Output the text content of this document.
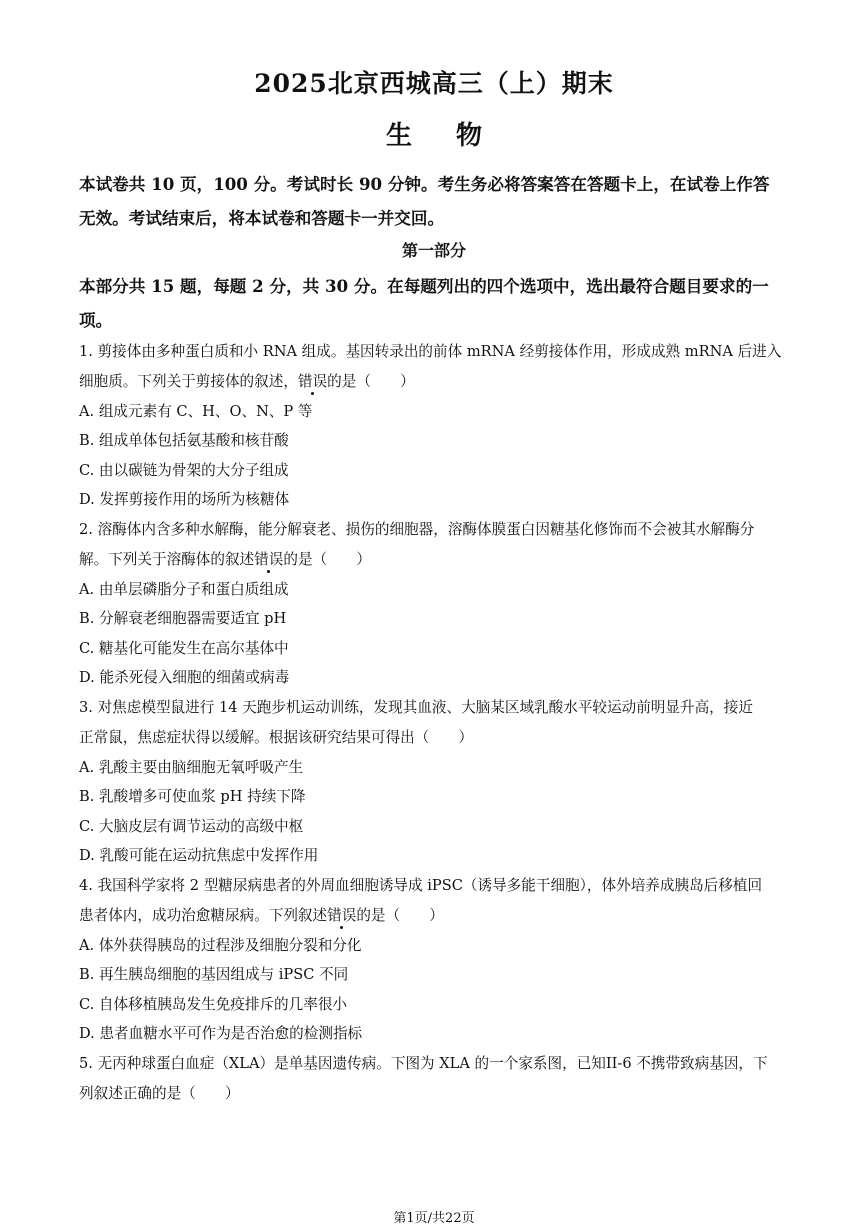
2025北京西城高三（上）期末
生物
本试卷共 10 页，100 分。考试时长 90 分钟。考生务必将答案答在答题卡上，在试卷上作答
无效。考试结束后，将本试卷和答题卡一并交回。
第一部分
本部分共 15 题，每题 2 分，共 30 分。在每题列出的四个选项中，选出最符合题目要求的一
项。
1. 剪接体由多种蛋白质和小 RNA 组成。基因转录出的前体 mRNA 经剪接体作用，形成成熟 mRNA 后进入
细胞质。下列关于剪接体的叙述，错误的是（　　）
A. 组成元素有 C、H、O、N、P 等
B. 组成单体包括氨基酸和核苷酸
C. 由以碳链为骨架的大分子组成
D. 发挥剪接作用的场所为核糖体
2. 溶酶体内含多种水解酶，能分解衰老、损伤的细胞器，溶酶体膜蛋白因糖基化修饰而不会被其水解酶分
解。下列关于溶酶体的叙述错误的是（　　）
A. 由单层磷脂分子和蛋白质组成
B. 分解衰老细胞器需要适宜 pH
C. 糖基化可能发生在高尔基体中
D. 能杀死侵入细胞的细菌或病毒
3. 对焦虑模型鼠进行 14 天跑步机运动训练，发现其血液、大脑某区域乳酸水平较运动前明显升高，接近
正常鼠，焦虑症状得以缓解。根据该研究结果可得出（　　）
A. 乳酸主要由脑细胞无氧呼吸产生
B. 乳酸增多可使血浆 pH 持续下降
C. 大脑皮层有调节运动的高级中枢
D. 乳酸可能在运动抗焦虑中发挥作用
4. 我国科学家将 2 型糖尿病患者的外周血细胞诱导成 iPSC（诱导多能干细胞），体外培养成胰岛后移植回
患者体内，成功治愈糖尿病。下列叙述错误的是（　　）
A. 体外获得胰岛的过程涉及细胞分裂和分化
B. 再生胰岛细胞的基因组成与 iPSC 不同
C. 自体移植胰岛发生免疫排斥的几率很小
D. 患者血糖水平可作为是否治愈的检测指标
5. 无丙种球蛋白血症（XLA）是单基因遗传病。下图为 XLA 的一个家系图，已知II-6 不携带致病基因，下
列叙述正确的是（　　）
第1页/共22页
